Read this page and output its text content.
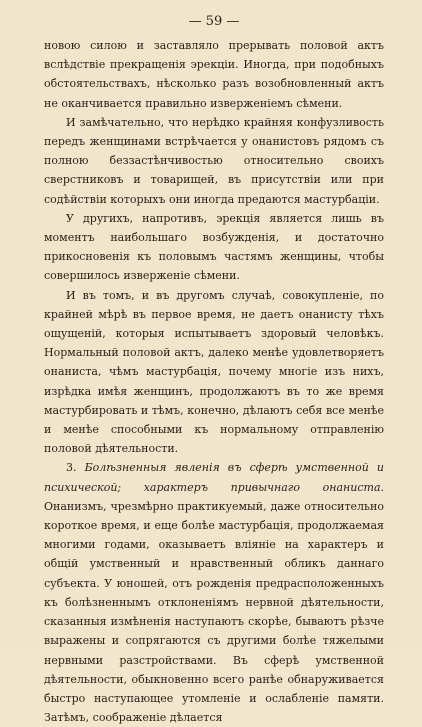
— 59 —

новою силою и заставляло прерывать половой актъ вслѣдствіе прекращенія эрекціи. Иногда, при подобныхъ обстоятельствахъ, нѣсколько разъ возобновленный актъ не оканчивается правильно изверженіемъ сѣмени.

И замѣчательно, что нерѣдко крайняя конфузливость передъ женщинами встрѣчается у онанистовъ рядомъ съ полною беззастѣнчивостью относительно своихъ сверстниковъ и товарищей, въ присутствіи или при содѣйствіи которыхъ они иногда предаются мастурбаціи.

У другихъ, напротивъ, эрекція является лишь въ моментъ наибольшаго возбужденія, и достаточно прикосновенія къ половымъ частямъ женщины, чтобы совершилось изверженіе сѣмени.

И въ томъ, и въ другомъ случаѣ, совокупленіе, по крайней мѣрѣ въ первое время, не даетъ онанисту тѣхъ ощущеній, которыя испытываетъ здоровый человѣкъ. Нормальный половой актъ, далеко менѣе удовлетворяетъ онаниста, чѣмъ мастурбація, почему многіе изъ нихъ, изрѣдка имѣя женщинъ, продолжаютъ въ то же время мастурбировать и тѣмъ, конечно, дѣлаютъ себя все менѣе и менѣе способными къ нормальному отправленію половой дѣятельности.

3. Болѣзненныя явленія въ сферѣ умственной и психической; характеръ привычнаго онаниста. Онанизмъ, чрезмѣрно практикуемый, даже относительно короткое время, и еще болѣе мастурбація, продолжаемая многими годами, оказываетъ вліяніе на характеръ и общій умственный и нравственный обликъ даннаго субъекта. У юношей, отъ рожденія предрасположенныхъ къ болѣзненнымъ отклоненіямъ нервной дѣятельности, сказанныя измѣненія наступаютъ скорѣе, бываютъ рѣзче выражены и сопрягаются съ другими болѣе тяжелыми нервными разстройствами. Въ сферѣ умственной дѣятельности, обыкновенно всего ранѣе обнаруживается быстро наступающее утомленіе и ослабленіе памяти. Затѣмъ, соображеніе дѣлается
